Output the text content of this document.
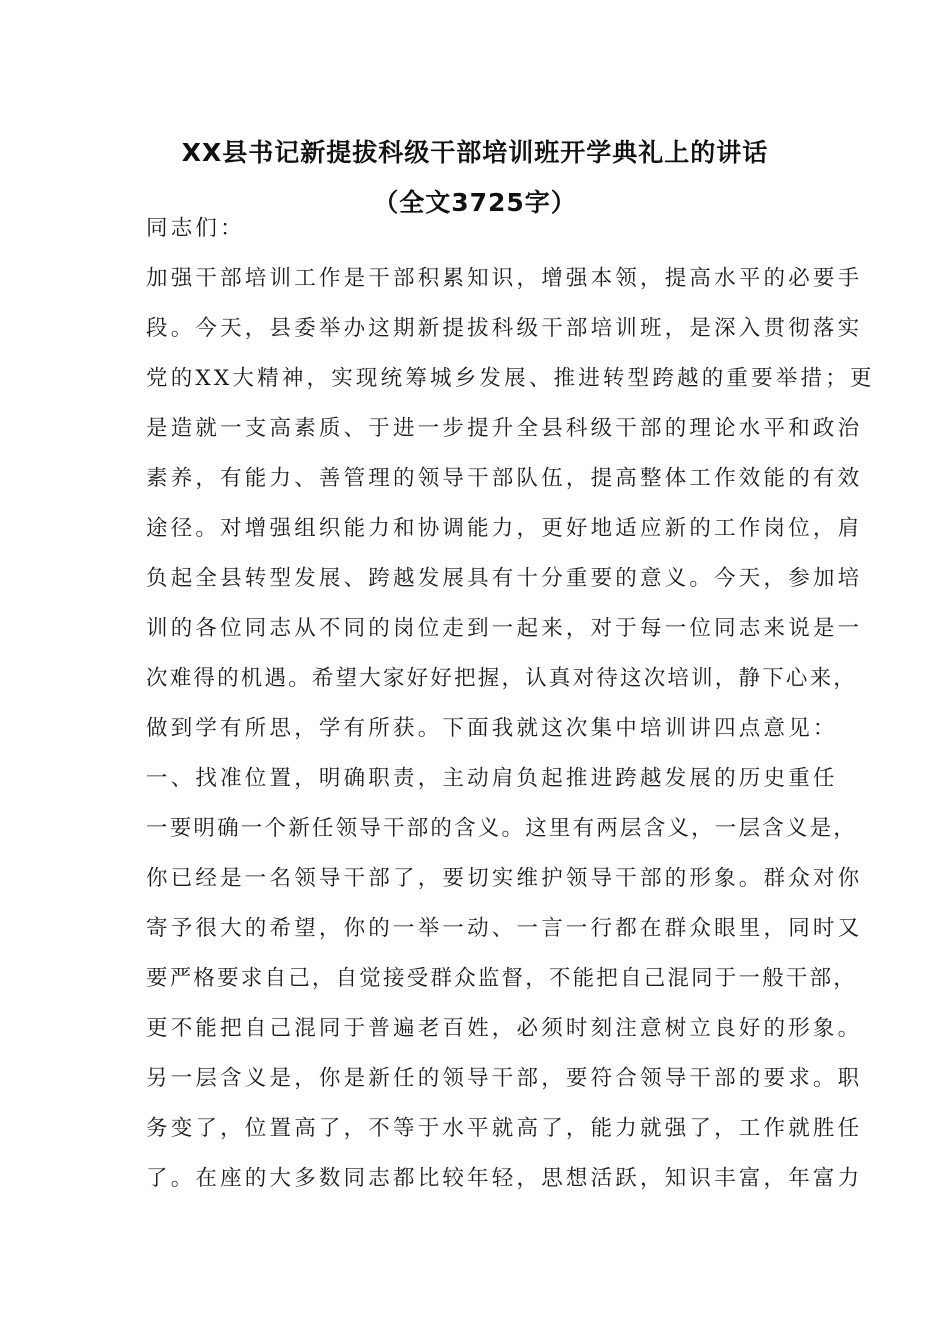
XX县书记新提拔科级干部培训班开学典礼上的讲话
（全文3725字）
同志们：
加强干部培训工作是干部积累知识，增强本领，提高水平的必要手
段。今天，县委举办这期新提拔科级干部培训班，是深入贯彻落实
党的XX大精神，实现统筹城乡发展、推进转型跨越的重要举措；更
是造就一支高素质、于进一步提升全县科级干部的理论水平和政治
素养，有能力、善管理的领导干部队伍，提高整体工作效能的有效
途径。对增强组织能力和协调能力，更好地适应新的工作岗位，肩
负起全县转型发展、跨越发展具有十分重要的意义。今天，参加培
训的各位同志从不同的岗位走到一起来，对于每一位同志来说是一
次难得的机遇。希望大家好好把握，认真对待这次培训，静下心来，
做到学有所思，学有所获。下面我就这次集中培训讲四点意见：
一、找准位置，明确职责，主动肩负起推进跨越发展的历史重任
一要明确一个新任领导干部的含义。这里有两层含义，一层含义是，
你已经是一名领导干部了，要切实维护领导干部的形象。群众对你
寄予很大的希望，你的一举一动、一言一行都在群众眼里，同时又
要严格要求自己，自觉接受群众监督，不能把自己混同于一般干部，
更不能把自己混同于普遍老百姓，必须时刻注意树立良好的形象。
另一层含义是，你是新任的领导干部，要符合领导干部的要求。职
务变了，位置高了，不等于水平就高了，能力就强了，工作就胜任
了。在座的大多数同志都比较年轻，思想活跃，知识丰富，年富力
